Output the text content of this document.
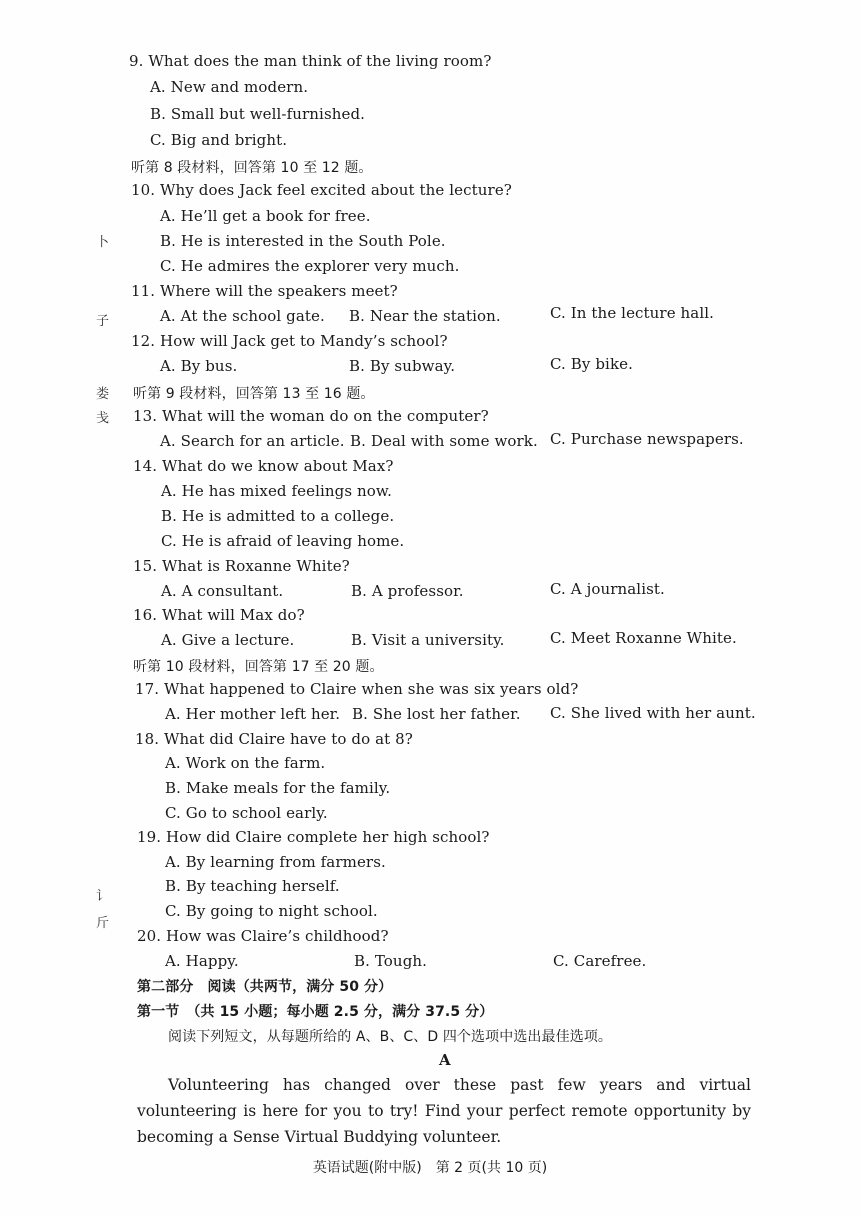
9. What does the man think of the living room?
A. New and modern.
B. Small but well-furnished.
C. Big and bright.
听第 8 段材料，回答第 10 至 12 题。
10. Why does Jack feel excited about the lecture?
A. He’ll get a book for free.
B. He is interested in the South Pole.
C. He admires the explorer very much.
11. Where will the speakers meet?
A. At the school gate. B. Near the station.	C. In the lecture hall.
12. How will Jack get to Mandy’s school?
A. By bus.	B. By subway.	C. By bike.
听第 9 段材料，回答第 13 至 16 题。
13. What will the woman do on the computer?
A. Search for an article. B. Deal with some work. C. Purchase newspapers.
14. What do we know about Max?
A. He has mixed feelings now.
B. He is admitted to a college.
C. He is afraid of leaving home.
15. What is Roxanne White?
A. A consultant.	B. A professor.	C. A journalist.
16. What will Max do?
A. Give a lecture.	B. Visit a university.	C. Meet Roxanne White.
听第 10 段材料，回答第 17 至 20 题。
17. What happened to Claire when she was six years old?
A. Her mother left her. B. She lost her father. C. She lived with her aunt.
18. What did Claire have to do at 8?
A. Work on the farm.
B. Make meals for the family.
C. Go to school early.
19. How did Claire complete her high school?
A. By learning from farmers.
B. By teaching herself.
C. By going to night school.
20. How was Claire’s childhood?
A. Happy.	B. Tough.	C. Carefree.
第二部分　阅读（共两节，满分 50 分）
第一节　（共 15 小题；每小题 2.5 分，满分 37.5 分）
阅读下列短文，从每题所给的 A、B、C、D 四个选项中选出最佳选项。
A
Volunteering has changed over these past few years and virtual volunteering is here for you to try! Find your perfect remote opportunity by becoming a Sense Virtual Buddying volunteer.
卜
子
娄
戋
讠
斤
英语试题(附中版)　第 2 页(共 10 页)
